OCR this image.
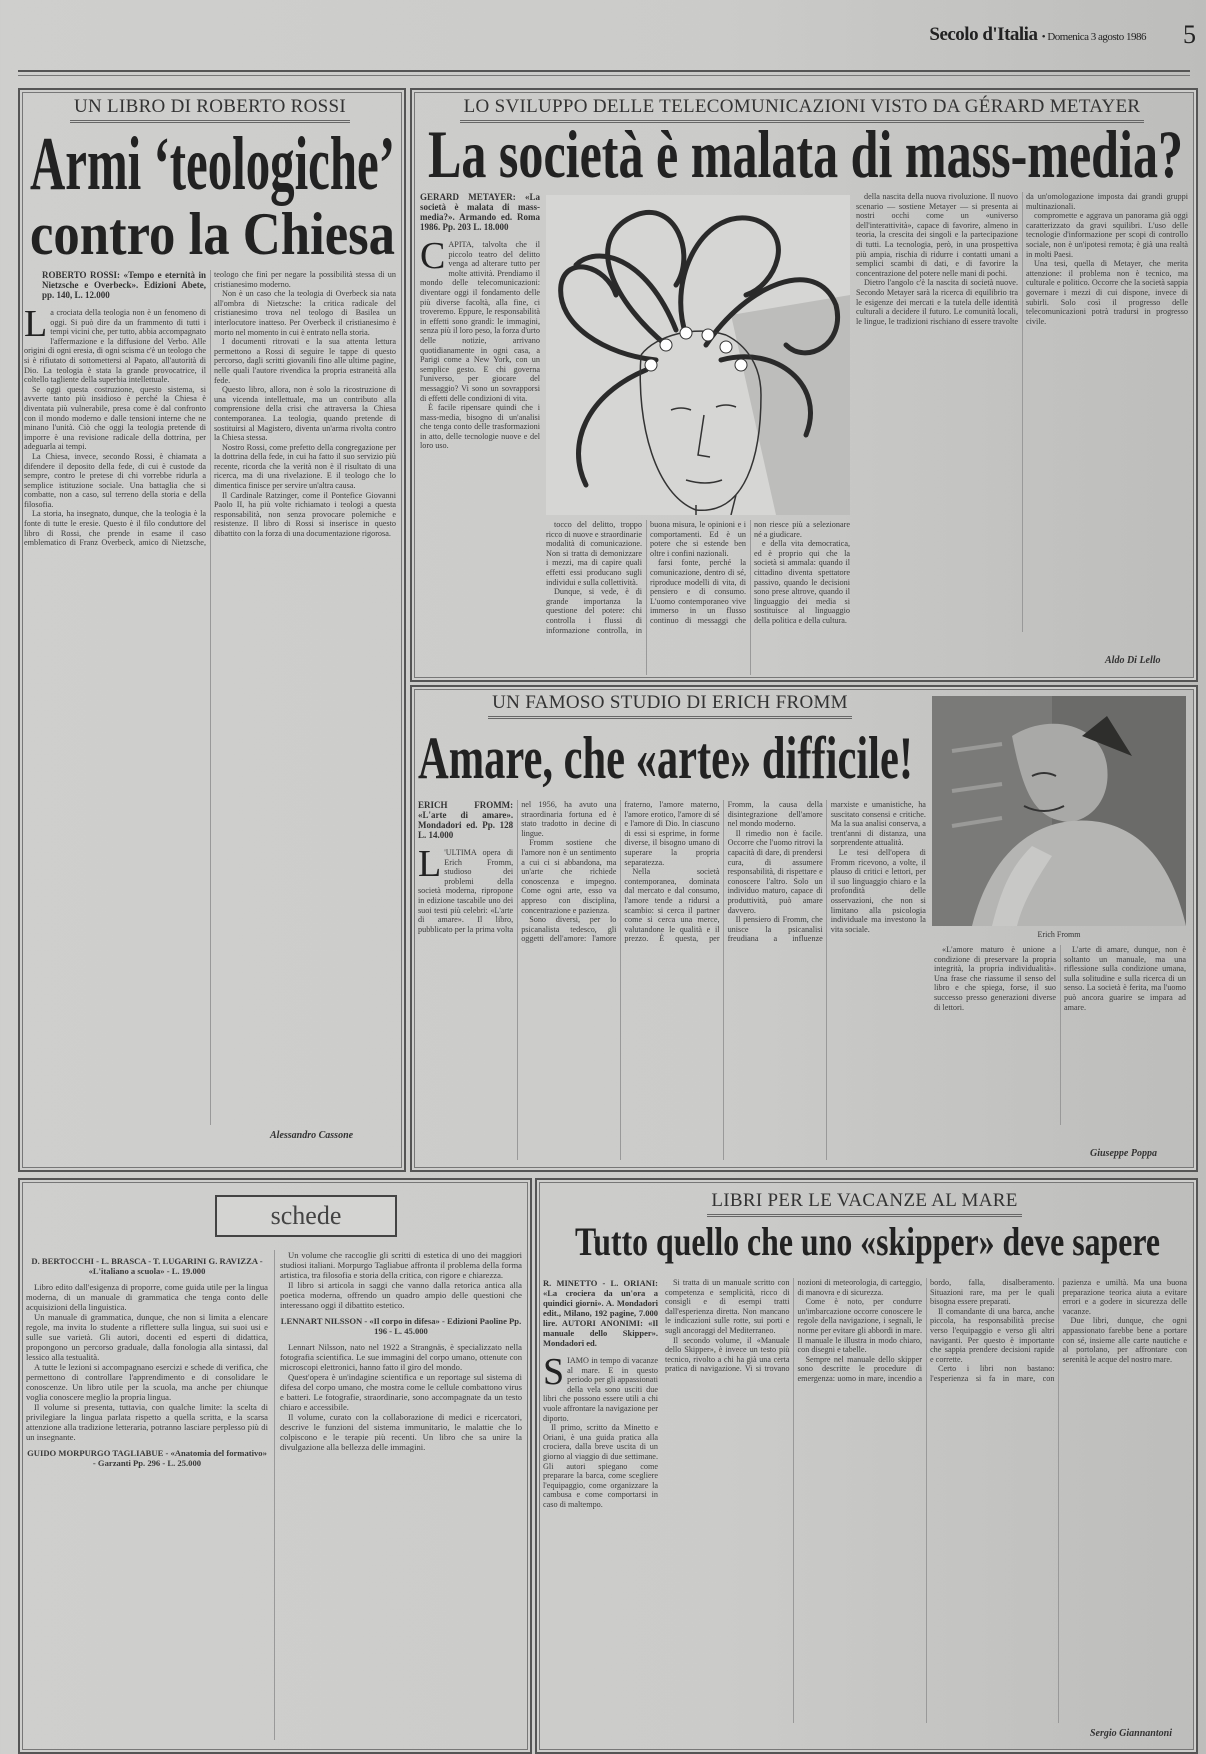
Secolo d'Italia • Domenica 3 agosto 1986 5
UN LIBRO DI ROBERTO ROSSI
Armi ‘teologiche’
contro la Chiesa
ROBERTO ROSSI: «Tempo e eternità in Nietzsche e Overbeck». Edizioni Abete, pp. 140, L. 12.000

La crociata della teologia non è un fenomeno di oggi. Si può dire da un frammento di tutti i tempi vicini che, per tutto, abbia accompagnato l'affermazione e la diffusione del Verbo. Alle origini di ogni eresia, di ogni scisma c'è un teologo che si è rifiutato di sottomettersi al Papato, all'autorità di Dio. La teologia è stata la grande provocatrice, il coltello tagliente della superbia intellettuale.

Se oggi questa costruzione, questo sistema, si avverte tanto più insidioso è perché la Chiesa è diventata più vulnerabile, presa come è dal confronto con il mondo moderno e dalle tensioni interne che ne minano l'unità. Ciò che oggi la teologia pretende di imporre è una revisione radicale della dottrina, per adeguarla ai tempi.

La Chiesa, invece, secondo Rossi, è chiamata a difendere il deposito della fede, di cui è custode da sempre, contro le pretese di chi vorrebbe ridurla a semplice istituzione sociale. Una battaglia che si combatte, non a caso, sul terreno della storia e della filosofia.

La storia, ha insegnato, dunque, che la teologia è la fonte di tutte le eresie. Questo è il filo conduttore del libro di Rossi, che prende in esame il caso emblematico di Franz Overbeck, amico di Nietzsche, teologo che finì per negare la possibilità stessa di un cristianesimo moderno.

Non è un caso che la teologia di Overbeck sia nata all'ombra di Nietzsche: la critica radicale del cristianesimo trova nel teologo di Basilea un interlocutore inatteso. Per Overbeck il cristianesimo è morto nel momento in cui è entrato nella storia.

I documenti ritrovati e la sua attenta lettura permettono a Rossi di seguire le tappe di questo percorso, dagli scritti giovanili fino alle ultime pagine, nelle quali l'autore rivendica la propria estraneità alla fede.

Questo libro, allora, non è solo la ricostruzione di una vicenda intellettuale, ma un contributo alla comprensione della crisi che attraversa la Chiesa contemporanea. La teologia, quando pretende di sostituirsi al Magistero, diventa un'arma rivolta contro la Chiesa stessa.

Nostro Rossi, come prefetto della congregazione per la dottrina della fede, in cui ha fatto il suo servizio più recente, ricorda che la verità non è il risultato di una ricerca, ma di una rivelazione. E il teologo che lo dimentica finisce per servire un'altra causa.

Il Cardinale Ratzinger, come il Pontefice Giovanni Paolo II, ha più volte richiamato i teologi a questa responsabilità, non senza provocare polemiche e resistenze. Il libro di Rossi si inserisce in questo dibattito con la forza di una documentazione rigorosa.

Alessandro Cassone
LO SVILUPPO DELLE TELECOMUNICAZIONI VISTO DA GÉRARD METAYER
La società è malata di mass-media?
GERARD METAYER: «La società è malata di mass-media?». Armando ed. Roma 1986. Pp. 203 L. 18.000

CAPITA, talvolta che il piccolo teatro del delitto venga ad alterare tutto per molte attività. Prendiamo il mondo delle telecomunicazioni: diventare oggi il fondamento delle più diverse facoltà, alla fine, ci troveremo. Eppure, le responsabilità in effetti sono grandi: le immagini, senza più il loro peso, la forza d'urto delle notizie, arrivano quotidianamente in ogni casa, a Parigi come a New York, con un semplice gesto. E chi governa l'universo, per giocare del messaggio? Vi sono un sovrapporsi di effetti delle condizioni di vita.

È facile ripensare quindi che i mass-media, bisogno di un'analisi che tenga conto delle trasformazioni in atto, delle tecnologie nuove e del loro uso.

tocco del delitto, troppo ricco di nuove e straordinarie modalità di comunicazione. Non si tratta di demonizzare i mezzi, ma di capire quali effetti essi producano sugli individui e sulla collettività.

Dunque, si vede, è di grande importanza la questione del potere: chi controlla i flussi di informazione controlla, in buona misura, le opinioni e i comportamenti. Ed è un potere che si estende ben oltre i confini nazionali.

farsi fonte, perché la comunicazione, dentro di sé, riproduce modelli di vita, di pensiero e di consumo. L'uomo contemporaneo vive immerso in un flusso continuo di messaggi che non riesce più a selezionare né a giudicare.

e della vita democratica, ed è proprio qui che la società si ammala: quando il cittadino diventa spettatore passivo, quando le decisioni sono prese altrove, quando il linguaggio dei media si sostituisce al linguaggio della politica e della cultura.

della nascita della nuova rivoluzione. Il nuovo scenario — sostiene Metayer — si presenta ai nostri occhi come un «universo dell'interattività», capace di favorire, almeno in teoria, la crescita dei singoli e la partecipazione di tutti. La tecnologia, però, in una prospettiva più ampia, rischia di ridurre i contatti umani a semplici scambi di dati, e di favorire la concentrazione del potere nelle mani di pochi.

Dietro l'angolo c'è la nascita di società nuove. Secondo Metayer sarà la ricerca di equilibrio tra le esigenze dei mercati e la tutela delle identità culturali a decidere il futuro. Le comunità locali, le lingue, le tradizioni rischiano di essere travolte da un'omologazione imposta dai grandi gruppi multinazionali.

compromette e aggrava un panorama già oggi caratterizzato da gravi squilibri. L'uso delle tecnologie d'informazione per scopi di controllo sociale, non è un'ipotesi remota; è già una realtà in molti Paesi.

Una tesi, quella di Metayer, che merita attenzione: il problema non è tecnico, ma culturale e politico. Occorre che la società sappia governare i mezzi di cui dispone, invece di subirli. Solo così il progresso delle telecomunicazioni potrà tradursi in progresso civile.

Aldo Di Lello
UN FAMOSO STUDIO DI ERICH FROMM
Amare, che «arte» difficile!
Erich Fromm
ERICH FROMM: «L'arte di amare». Mondadori ed. Pp. 128 L. 14.000

L 'ULTIMA opera di Erich Fromm, studioso dei problemi della società moderna, ripropone in edizione tascabile uno dei suoi testi più celebri: «L'arte di amare». Il libro, pubblicato per la prima volta nel 1956, ha avuto una straordinaria fortuna ed è stato tradotto in decine di lingue.

Fromm sostiene che l'amore non è un sentimento a cui ci si abbandona, ma un'arte che richiede conoscenza e impegno. Come ogni arte, esso va appreso con disciplina, concentrazione e pazienza.

Sono diversi, per lo psicanalista tedesco, gli oggetti dell'amore: l'amore fraterno, l'amore materno, l'amore erotico, l'amore di sé e l'amore di Dio. In ciascuno di essi si esprime, in forme diverse, il bisogno umano di superare la propria separatezza.

Nella società contemporanea, dominata dal mercato e dal consumo, l'amore tende a ridursi a scambio: si cerca il partner come si cerca una merce, valutandone le qualità e il prezzo. È questa, per Fromm, la causa della disintegrazione dell'amore nel mondo moderno.

Il rimedio non è facile. Occorre che l'uomo ritrovi la capacità di dare, di prendersi cura, di assumere responsabilità, di rispettare e conoscere l'altro. Solo un individuo maturo, capace di produttività, può amare davvero.

Il pensiero di Fromm, che unisce la psicanalisi freudiana a influenze marxiste e umanistiche, ha suscitato consensi e critiche. Ma la sua analisi conserva, a trent'anni di distanza, una sorprendente attualità.

Le tesi dell'opera di Fromm ricevono, a volte, il plauso di critici e lettori, per il suo linguaggio chiaro e la profondità delle osservazioni, che non si limitano alla psicologia individuale ma investono la vita sociale.

«L'amore maturo è unione a condizione di preservare la propria integrità, la propria individualità». Una frase che riassume il senso del libro e che spiega, forse, il suo successo presso generazioni diverse di lettori.

L'arte di amare, dunque, non è soltanto un manuale, ma una riflessione sulla condizione umana, sulla solitudine e sulla ricerca di un senso. La società è ferita, ma l'uomo può ancora guarire se impara ad amare.

Giuseppe Poppa
schede

D. BERTOCCHI - L. BRASCA - T. LUGARINI G. RAVIZZA - «L'italiano a scuola» - L. 19.000

Libro edito dall'esigenza di proporre, come guida utile per la lingua moderna, di un manuale di grammatica che tenga conto delle acquisizioni della linguistica.

Un manuale di grammatica, dunque, che non si limita a elencare regole, ma invita lo studente a riflettere sulla lingua, sui suoi usi e sulle sue varietà. Gli autori, docenti ed esperti di didattica, propongono un percorso graduale, dalla fonologia alla sintassi, dal lessico alla testualità.

A tutte le lezioni si accompagnano esercizi e schede di verifica, che permettono di controllare l'apprendimento e di consolidare le conoscenze. Un libro utile per la scuola, ma anche per chiunque voglia conoscere meglio la propria lingua.

Il volume si presenta, tuttavia, con qualche limite: la scelta di privilegiare la lingua parlata rispetto a quella scritta, e la scarsa attenzione alla tradizione letteraria, potranno lasciare perplesso più di un insegnante.

GUIDO MORPURGO TAGLIABUE - «Anatomia del formativo» - Garzanti Pp. 296 - L. 25.000

Un volume che raccoglie gli scritti di estetica di uno dei maggiori studiosi italiani. Morpurgo Tagliabue affronta il problema della forma artistica, tra filosofia e storia della critica, con rigore e chiarezza.

Il libro si articola in saggi che vanno dalla retorica antica alla poetica moderna, offrendo un quadro ampio delle questioni che interessano oggi il dibattito estetico.

LENNART NILSSON - «Il corpo in difesa» - Edizioni Paoline Pp. 196 - L. 45.000

Lennart Nilsson, nato nel 1922 a Strangnäs, è specializzato nella fotografia scientifica. Le sue immagini del corpo umano, ottenute con microscopi elettronici, hanno fatto il giro del mondo.

Quest'opera è un'indagine scientifica e un reportage sul sistema di difesa del corpo umano, che mostra come le cellule combattono virus e batteri. Le fotografie, straordinarie, sono accompagnate da un testo chiaro e accessibile.

Il volume, curato con la collaborazione di medici e ricercatori, descrive le funzioni del sistema immunitario, le malattie che lo colpiscono e le terapie più recenti. Un libro che sa unire la divulgazione alla bellezza delle immagini.

LIBRI PER LE VACANZE AL MARE
Tutto quello che uno «skipper» deve sapere
R. MINETTO - L. ORIANI: «La crociera da un'ora a quindici giorni». A. Mondadori edit., Milano, 192 pagine, 7.000 lire. AUTORI ANONIMI: «Il manuale dello Skipper». Mondadori ed.

SIAMO in tempo di vacanze al mare. E in questo periodo per gli appassionati della vela sono usciti due libri che possono essere utili a chi vuole affrontare la navigazione per diporto.

Il primo, scritto da Minetto e Oriani, è una guida pratica alla crociera, dalla breve uscita di un giorno al viaggio di due settimane. Gli autori spiegano come preparare la barca, come scegliere l'equipaggio, come organizzare la cambusa e come comportarsi in caso di maltempo.

Si tratta di un manuale scritto con competenza e semplicità, ricco di consigli e di esempi tratti dall'esperienza diretta. Non mancano le indicazioni sulle rotte, sui porti e sugli ancoraggi del Mediterraneo.

Il secondo volume, il «Manuale dello Skipper», è invece un testo più tecnico, rivolto a chi ha già una certa pratica di navigazione. Vi si trovano nozioni di meteorologia, di carteggio, di manovra e di sicurezza.

Come è noto, per condurre un'imbarcazione occorre conoscere le regole della navigazione, i segnali, le norme per evitare gli abbordi in mare. Il manuale le illustra in modo chiaro, con disegni e tabelle.

Sempre nel manuale dello skipper sono descritte le procedure di emergenza: uomo in mare, incendio a bordo, falla, disalberamento. Situazioni rare, ma per le quali bisogna essere preparati.

Il comandante di una barca, anche piccola, ha responsabilità precise verso l'equipaggio e verso gli altri naviganti. Per questo è importante che sappia prendere decisioni rapide e corrette.

Certo i libri non bastano: l'esperienza si fa in mare, con pazienza e umiltà. Ma una buona preparazione teorica aiuta a evitare errori e a godere in sicurezza delle vacanze.

Due libri, dunque, che ogni appassionato farebbe bene a portare con sé, insieme alle carte nautiche e al portolano, per affrontare con serenità le acque del nostro mare.

Sergio Giannantoni
